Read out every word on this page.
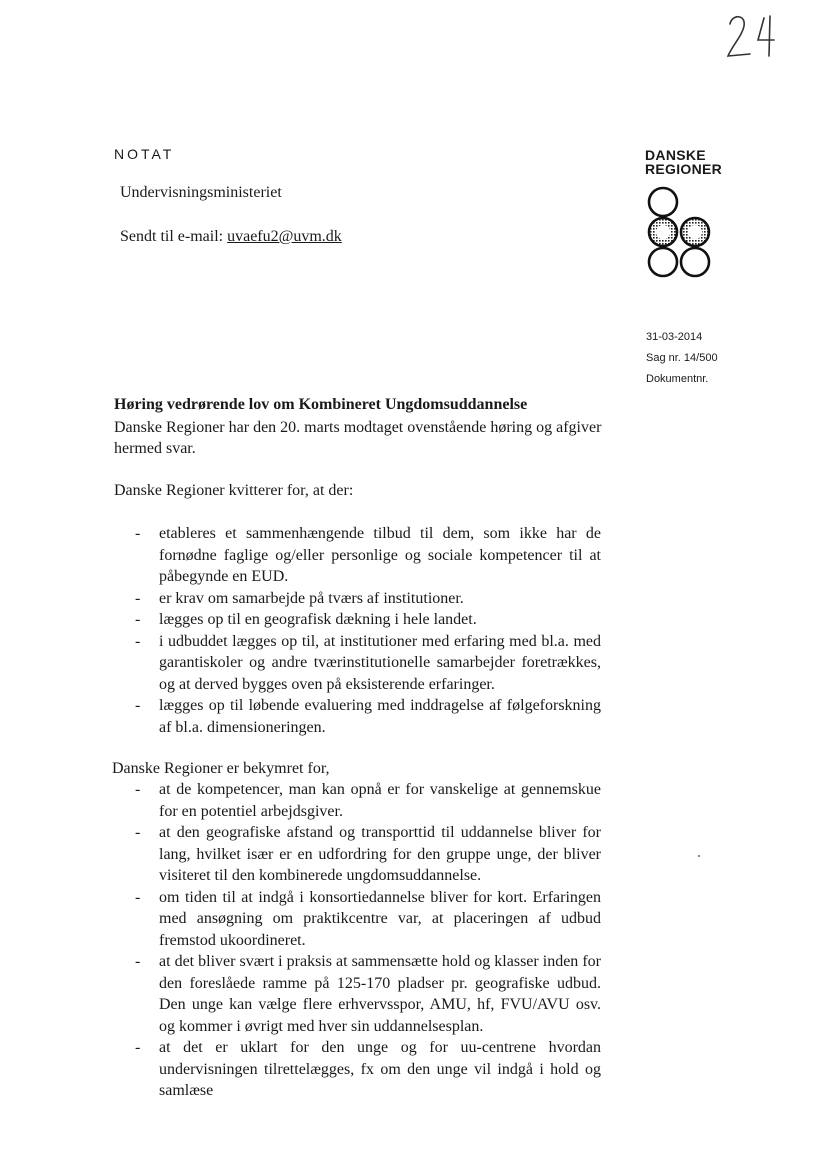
NOTAT
Undervisningsministeriet
Sendt til e-mail: uvaefu2@uvm.dk
DANSKE
REGIONER
31-03-2014
Sag nr. 14/500
Dokumentnr.
Høring vedrørende lov om Kombineret Ungdomsuddannelse
Danske Regioner har den 20. marts modtaget ovenstående høring og afgiver hermed svar.
Danske Regioner kvitterer for, at der:
- etableres et sammenhængende tilbud til dem, som ikke har de fornødne faglige og/eller personlige og sociale kompetencer til at påbegynde en EUD.
- er krav om samarbejde på tværs af institutioner.
- lægges op til en geografisk dækning i hele landet.
- i udbuddet lægges op til, at institutioner med erfaring med bl.a. med garantiskoler og andre tværinstitutionelle samarbejder foretrækkes, og at derved bygges oven på eksisterende erfaringer.
- lægges op til løbende evaluering med inddragelse af følgeforskning af bl.a. dimensioneringen.
Danske Regioner er bekymret for,
- at de kompetencer, man kan opnå er for vanskelige at gennemskue for en potentiel arbejdsgiver.
- at den geografiske afstand og transporttid til uddannelse bliver for lang, hvilket især er en udfordring for den gruppe unge, der bliver visiteret til den kombinerede ungdomsuddannelse.
- om tiden til at indgå i konsortiedannelse bliver for kort. Erfaringen med ansøgning om praktikcentre var, at placeringen af udbud fremstod ukoordineret.
- at det bliver svært i praksis at sammensætte hold og klasser inden for den foreslåede ramme på 125-170 pladser pr. geografiske udbud. Den unge kan vælge flere erhvervsspor, AMU, hf, FVU/AVU osv. og kommer i øvrigt med hver sin uddannelsesplan.
- at det er uklart for den unge og for uu-centrene hvordan undervisningen tilrettelægges, fx om den unge vil indgå i hold og samlæse
